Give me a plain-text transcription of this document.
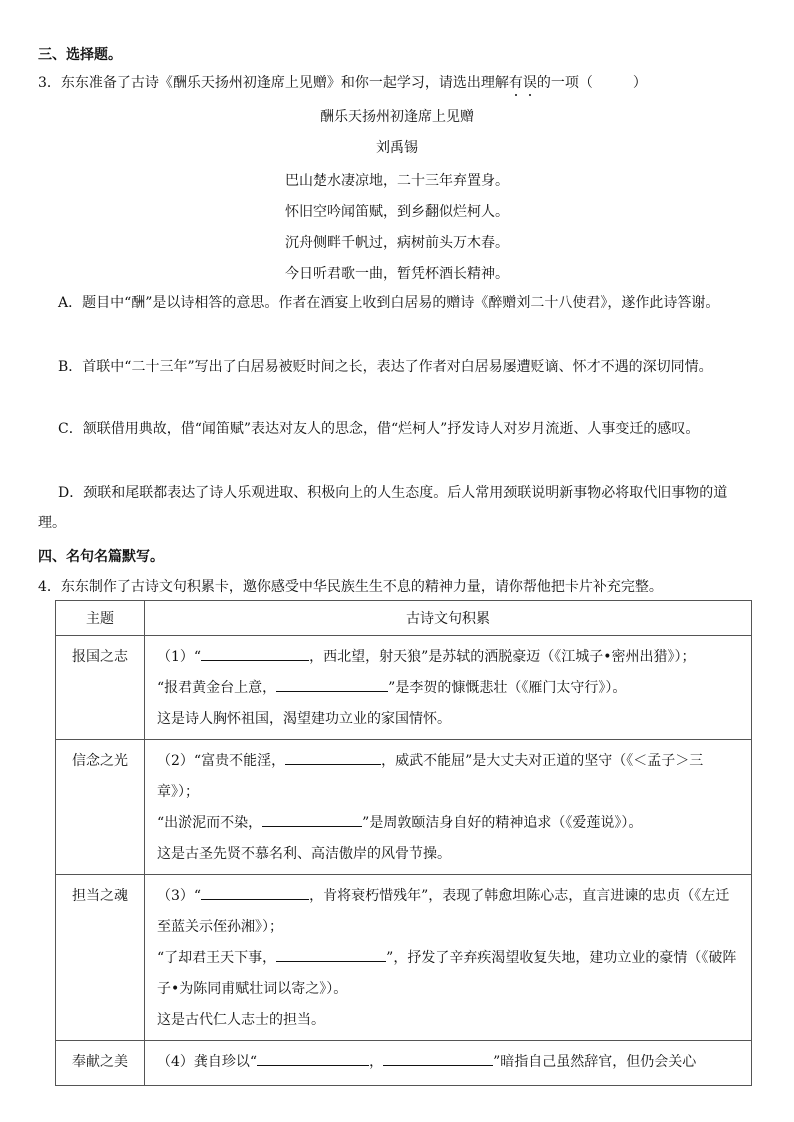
三、选择题。
3．东东准备了古诗《酬乐天扬州初逢席上见赠》和你一起学习，请选出理解有误的一项（	）
酬乐天扬州初逢席上见赠
刘禹锡
巴山楚水凄凉地，二十三年弃置身。
怀旧空吟闻笛赋，到乡翻似烂柯人。
沉舟侧畔千帆过，病树前头万木春。
今日听君歌一曲，暂凭杯酒长精神。
A．题目中“酬”是以诗相答的意思。作者在酒宴上收到白居易的赠诗《醉赠刘二十八使君》，遂作此诗答谢。
B．首联中“二十三年”写出了白居易被贬时间之长，表达了作者对白居易屡遭贬谪、怀才不遇的深切同情。
C．颔联借用典故，借“闻笛赋”表达对友人的思念，借“烂柯人”抒发诗人对岁月流逝、人事变迁的感叹。
D．颈联和尾联都表达了诗人乐观进取、积极向上的人生态度。后人常用颈联说明新事物必将取代旧事物的道理。
四、名句名篇默写。
4．东东制作了古诗文句积累卡，邀你感受中华民族生生不息的精神力量，请你帮他把卡片补充完整。
主题	古诗文句积累

报国之志	（1）“ ，西北望，射天狼”是苏轼的洒脱豪迈（《江城子•密州出猎》）；
“报君黄金台上意， ”是李贺的慷慨悲壮（《雁门太守行》）。
这是诗人胸怀祖国，渴望建功立业的家国情怀。

信念之光	（2）“富贵不能淫， ，威武不能屈”是大丈夫对正道的坚守（《＜孟子＞三章》）；
“出淤泥而不染， ”是周敦颐洁身自好的精神追求（《爱莲说》）。
这是古圣先贤不慕名利、高洁傲岸的风骨节操。

担当之魂	（3）“ ，肯将衰朽惜残年”，表现了韩愈坦陈心志，直言进谏的忠贞（《左迁至蓝关示侄孙湘》）；
“了却君王天下事， ”，抒发了辛弃疾渴望收复失地，建功立业的豪情（《破阵子•为陈同甫赋壮词以寄之》）。
这是古代仁人志士的担当。

奉献之美	（4）龚自珍以“ ， ”暗指自己虽然辞官，但仍会关心
